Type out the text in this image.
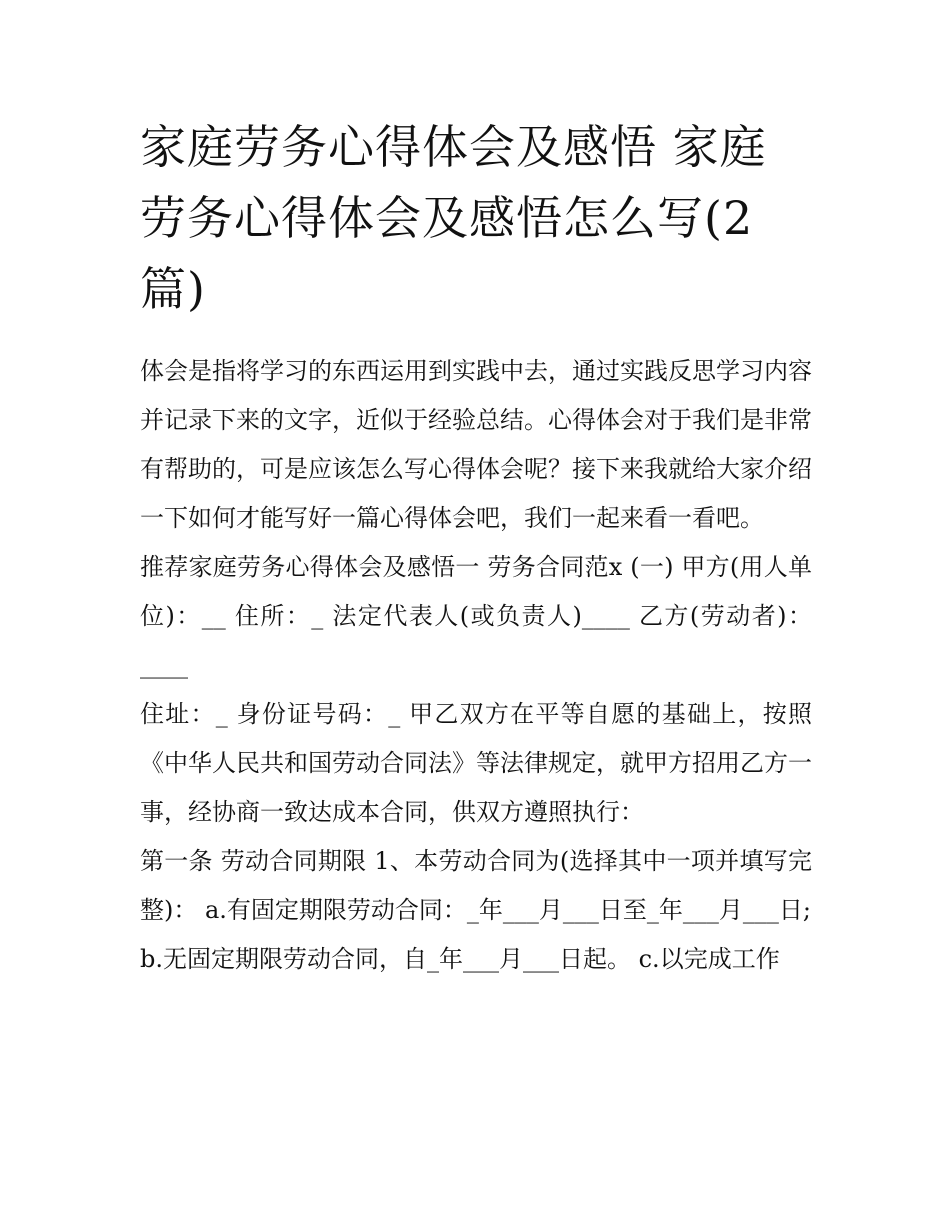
家庭劳务心得体会及感悟 家庭劳务心得体会及感悟怎么写(2篇)

体会是指将学习的东西运用到实践中去，通过实践反思学习内容并记录下来的文字，近似于经验总结。心得体会对于我们是非常有帮助的，可是应该怎么写心得体会呢？接下来我就给大家介绍一下如何才能写好一篇心得体会吧，我们一起来看一看吧。

推荐家庭劳务心得体会及感悟一 劳务合同范x (一) 甲方(用人单位)：__ 住所：_ 法定代表人(或负责人)____ 乙方(劳动者)：____

住址：_ 身份证号码：_ 甲乙双方在平等自愿的基础上，按照《中华人民共和国劳动合同法》等法律规定，就甲方招用乙方一事，经协商一致达成本合同，供双方遵照执行：

第一条 劳动合同期限 1、本劳动合同为(选择其中一项并填写完整)： a.有固定期限劳动合同：_年___月___日至_年___月___日;

b.无固定期限劳动合同，自_年___月___日起。 c.以完成工作
